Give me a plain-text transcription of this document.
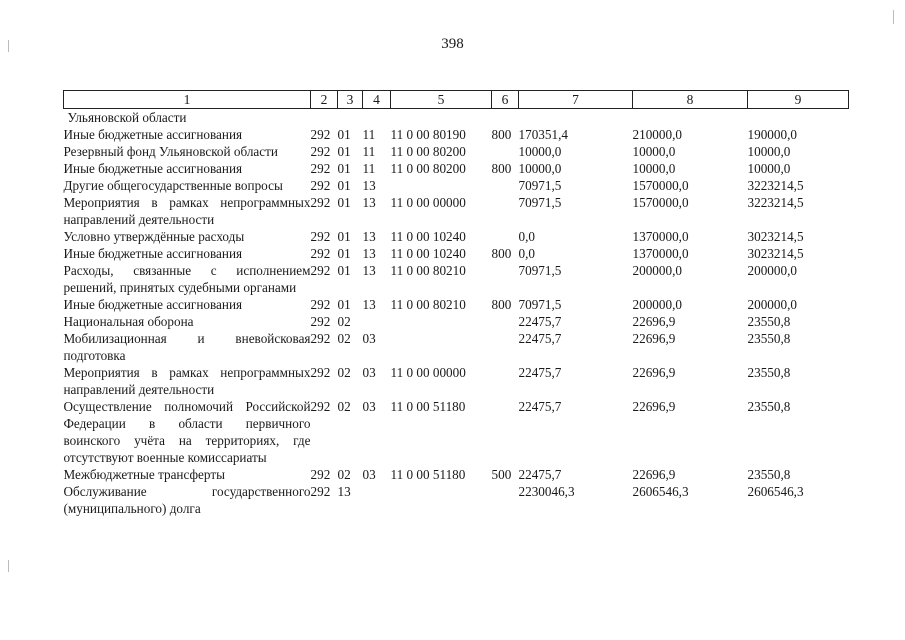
398
1	2	3	4	5	6	7	8	9
Ульяновской области								
Иные бюджетные ассигнования	292	01	11	11 0 00 80190	800	170351,4	210000,0	190000,0
Резервный фонд Ульяновской области	292	01	11	11 0 00 80200		10000,0	10000,0	10000,0
Иные бюджетные ассигнования	292	01	11	11 0 00 80200	800	10000,0	10000,0	10000,0
Другие общегосударственные вопросы	292	01	13			70971,5	1570000,0	3223214,5
Мероприятия в рамках непрограммных направлений деятельности	292	01	13	11 0 00 00000		70971,5	1570000,0	3223214,5
Условно утверждённые расходы	292	01	13	11 0 00 10240		0,0	1370000,0	3023214,5
Иные бюджетные ассигнования	292	01	13	11 0 00 10240	800	0,0	1370000,0	3023214,5
Расходы, связанные с исполнением решений, принятых судебными органами	292	01	13	11 0 00 80210		70971,5	200000,0	200000,0
Иные бюджетные ассигнования	292	01	13	11 0 00 80210	800	70971,5	200000,0	200000,0
Национальная оборона	292	02				22475,7	22696,9	23550,8
Мобилизационная и вневойсковая подготовка	292	02	03			22475,7	22696,9	23550,8
Мероприятия в рамках непрограммных направлений деятельности	292	02	03	11 0 00 00000		22475,7	22696,9	23550,8
Осуществление полномочий Российской Федерации в области первичного воинского учёта на территориях, где отсутствуют военные комиссариаты	292	02	03	11 0 00 51180		22475,7	22696,9	23550,8
Межбюджетные трансферты	292	02	03	11 0 00 51180	500	22475,7	22696,9	23550,8
Обслуживание государственного (муниципального) долга	292	13				2230046,3	2606546,3	2606546,3
